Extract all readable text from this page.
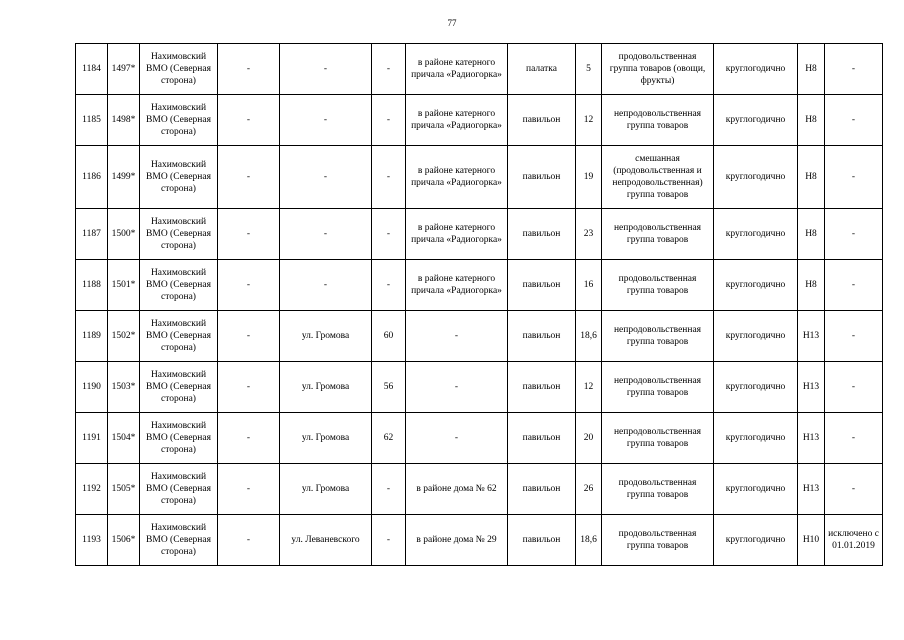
77
1184	1497*	Нахимовский ВМО (Северная сторона)	-	-	-	в районе катерного причала «Радиогорка»	палатка	5	продовольственная группа товаров (овощи, фрукты)	круглогодично	Н8	-
1185	1498*	Нахимовский ВМО (Северная сторона)	-	-	-	в районе катерного причала «Радиогорка»	павильон	12	непродовольственная группа товаров	круглогодично	Н8	-
1186	1499*	Нахимовский ВМО (Северная сторона)	-	-	-	в районе катерного причала «Радиогорка»	павильон	19	смешанная (продовольственная и непродовольственная) группа товаров	круглогодично	Н8	-
1187	1500*	Нахимовский ВМО (Северная сторона)	-	-	-	в районе катерного причала «Радиогорка»	павильон	23	непродовольственная группа товаров	круглогодично	Н8	-
1188	1501*	Нахимовский ВМО (Северная сторона)	-	-	-	в районе катерного причала «Радиогорка»	павильон	16	продовольственная группа товаров	круглогодично	Н8	-
1189	1502*	Нахимовский ВМО (Северная сторона)	-	ул. Громова	60	-	павильон	18,6	непродовольственная группа товаров	круглогодично	Н13	-
1190	1503*	Нахимовский ВМО (Северная сторона)	-	ул. Громова	56	-	павильон	12	непродовольственная группа товаров	круглогодично	Н13	-
1191	1504*	Нахимовский ВМО (Северная сторона)	-	ул. Громова	62	-	павильон	20	непродовольственная группа товаров	круглогодично	Н13	-
1192	1505*	Нахимовский ВМО (Северная сторона)	-	ул. Громова	-	в районе дома № 62	павильон	26	продовольственная группа товаров	круглогодично	Н13	-
1193	1506*	Нахимовский ВМО (Северная сторона)	-	ул. Леваневского	-	в районе дома № 29	павильон	18,6	продовольственная группа товаров	круглогодично	Н10	исключено с 01.01.2019
